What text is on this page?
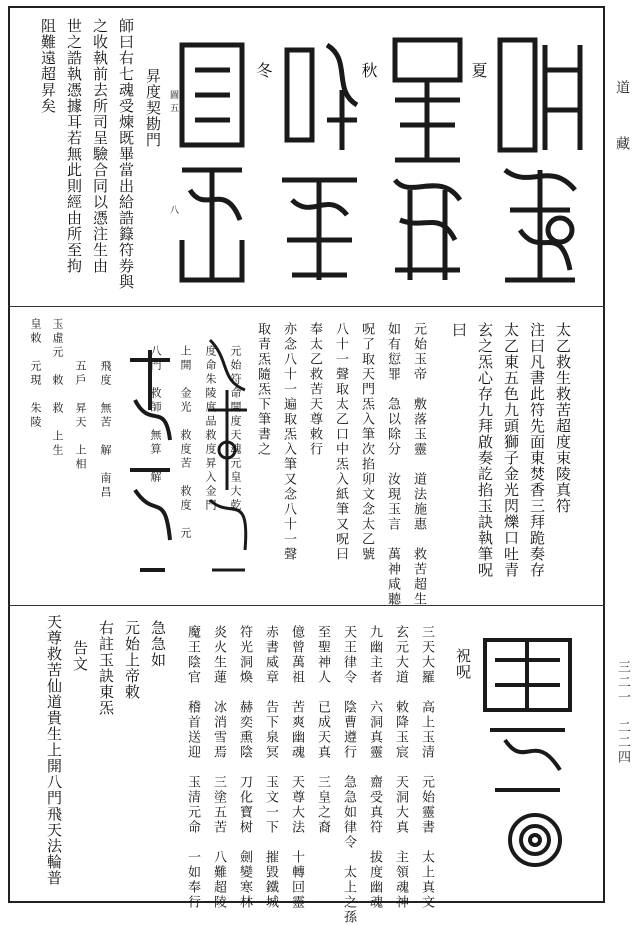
道　藏
三二一　二二四
夏
秋
冬
圖五
八
昇度契勘門
師曰右七魂受煉既畢當出給誥籙符券與
之收執前去所司呈驗合同以憑注生由
世之誥執憑據耳若無此則經由所至拘
阻難遠超昇矣
太乙救生救苦超度束陵真符
注曰凡書此符先面東焚香三拜跪奏存
太乙東五色九頭獅子金光閃爍口吐青
玄之炁心存九拜啟奏訖掐玉訣執筆呪
曰
元始玉帝　敷落玉靈　道法施惠　救苦超生
如有愆罪　急以除分　汝現玉言　萬神咸聽
呪了取天門炁入筆次掐卯文念太乙號
八十一聲取太乙口中炁入紙筆又呪曰
奉太乙救苦天尊敕行
亦念八十一遍取炁入筆又念八十一聲
取青炁隨炁下筆書之
元始符命開度天魂元皇大乾
度命朱陵度品救度昇入金門
上開　金光　救度苦　救度　元
八門　救師　無算　解
飛度　無苦　解　南昌
五戶　昇天　上相
玉虛元　敕　救　上生
皇敕　元現　朱陵
祝呪
三天大羅　高上玉清　元始靈書　太上真文
玄元大道　敕降玉宸　天洞大真　主領魂神
九幽主者　六洞真靈　齋受真符　拔度幽魂
天王律令　陰曹遵行　急急如律令　太上之孫
至聖神人　已成天真　三皇之裔
億曾萬祖　苦爽幽魂　天尊大法　十轉回靈
赤書威章　告下泉冥　玉文一下　摧毀鐵城
符光洞煥　赫奕熏陰　刀化寶树　劍變寒林
炎火生蓮　冰消雪焉　三塗五苦　八難超陵
魔王陰官　稽首送迎　玉清元命　一如奉行
急急如
元始上帝敕
右註玉訣東炁
告文
天尊救苦仙道貴生上開八門飛天法輪普
